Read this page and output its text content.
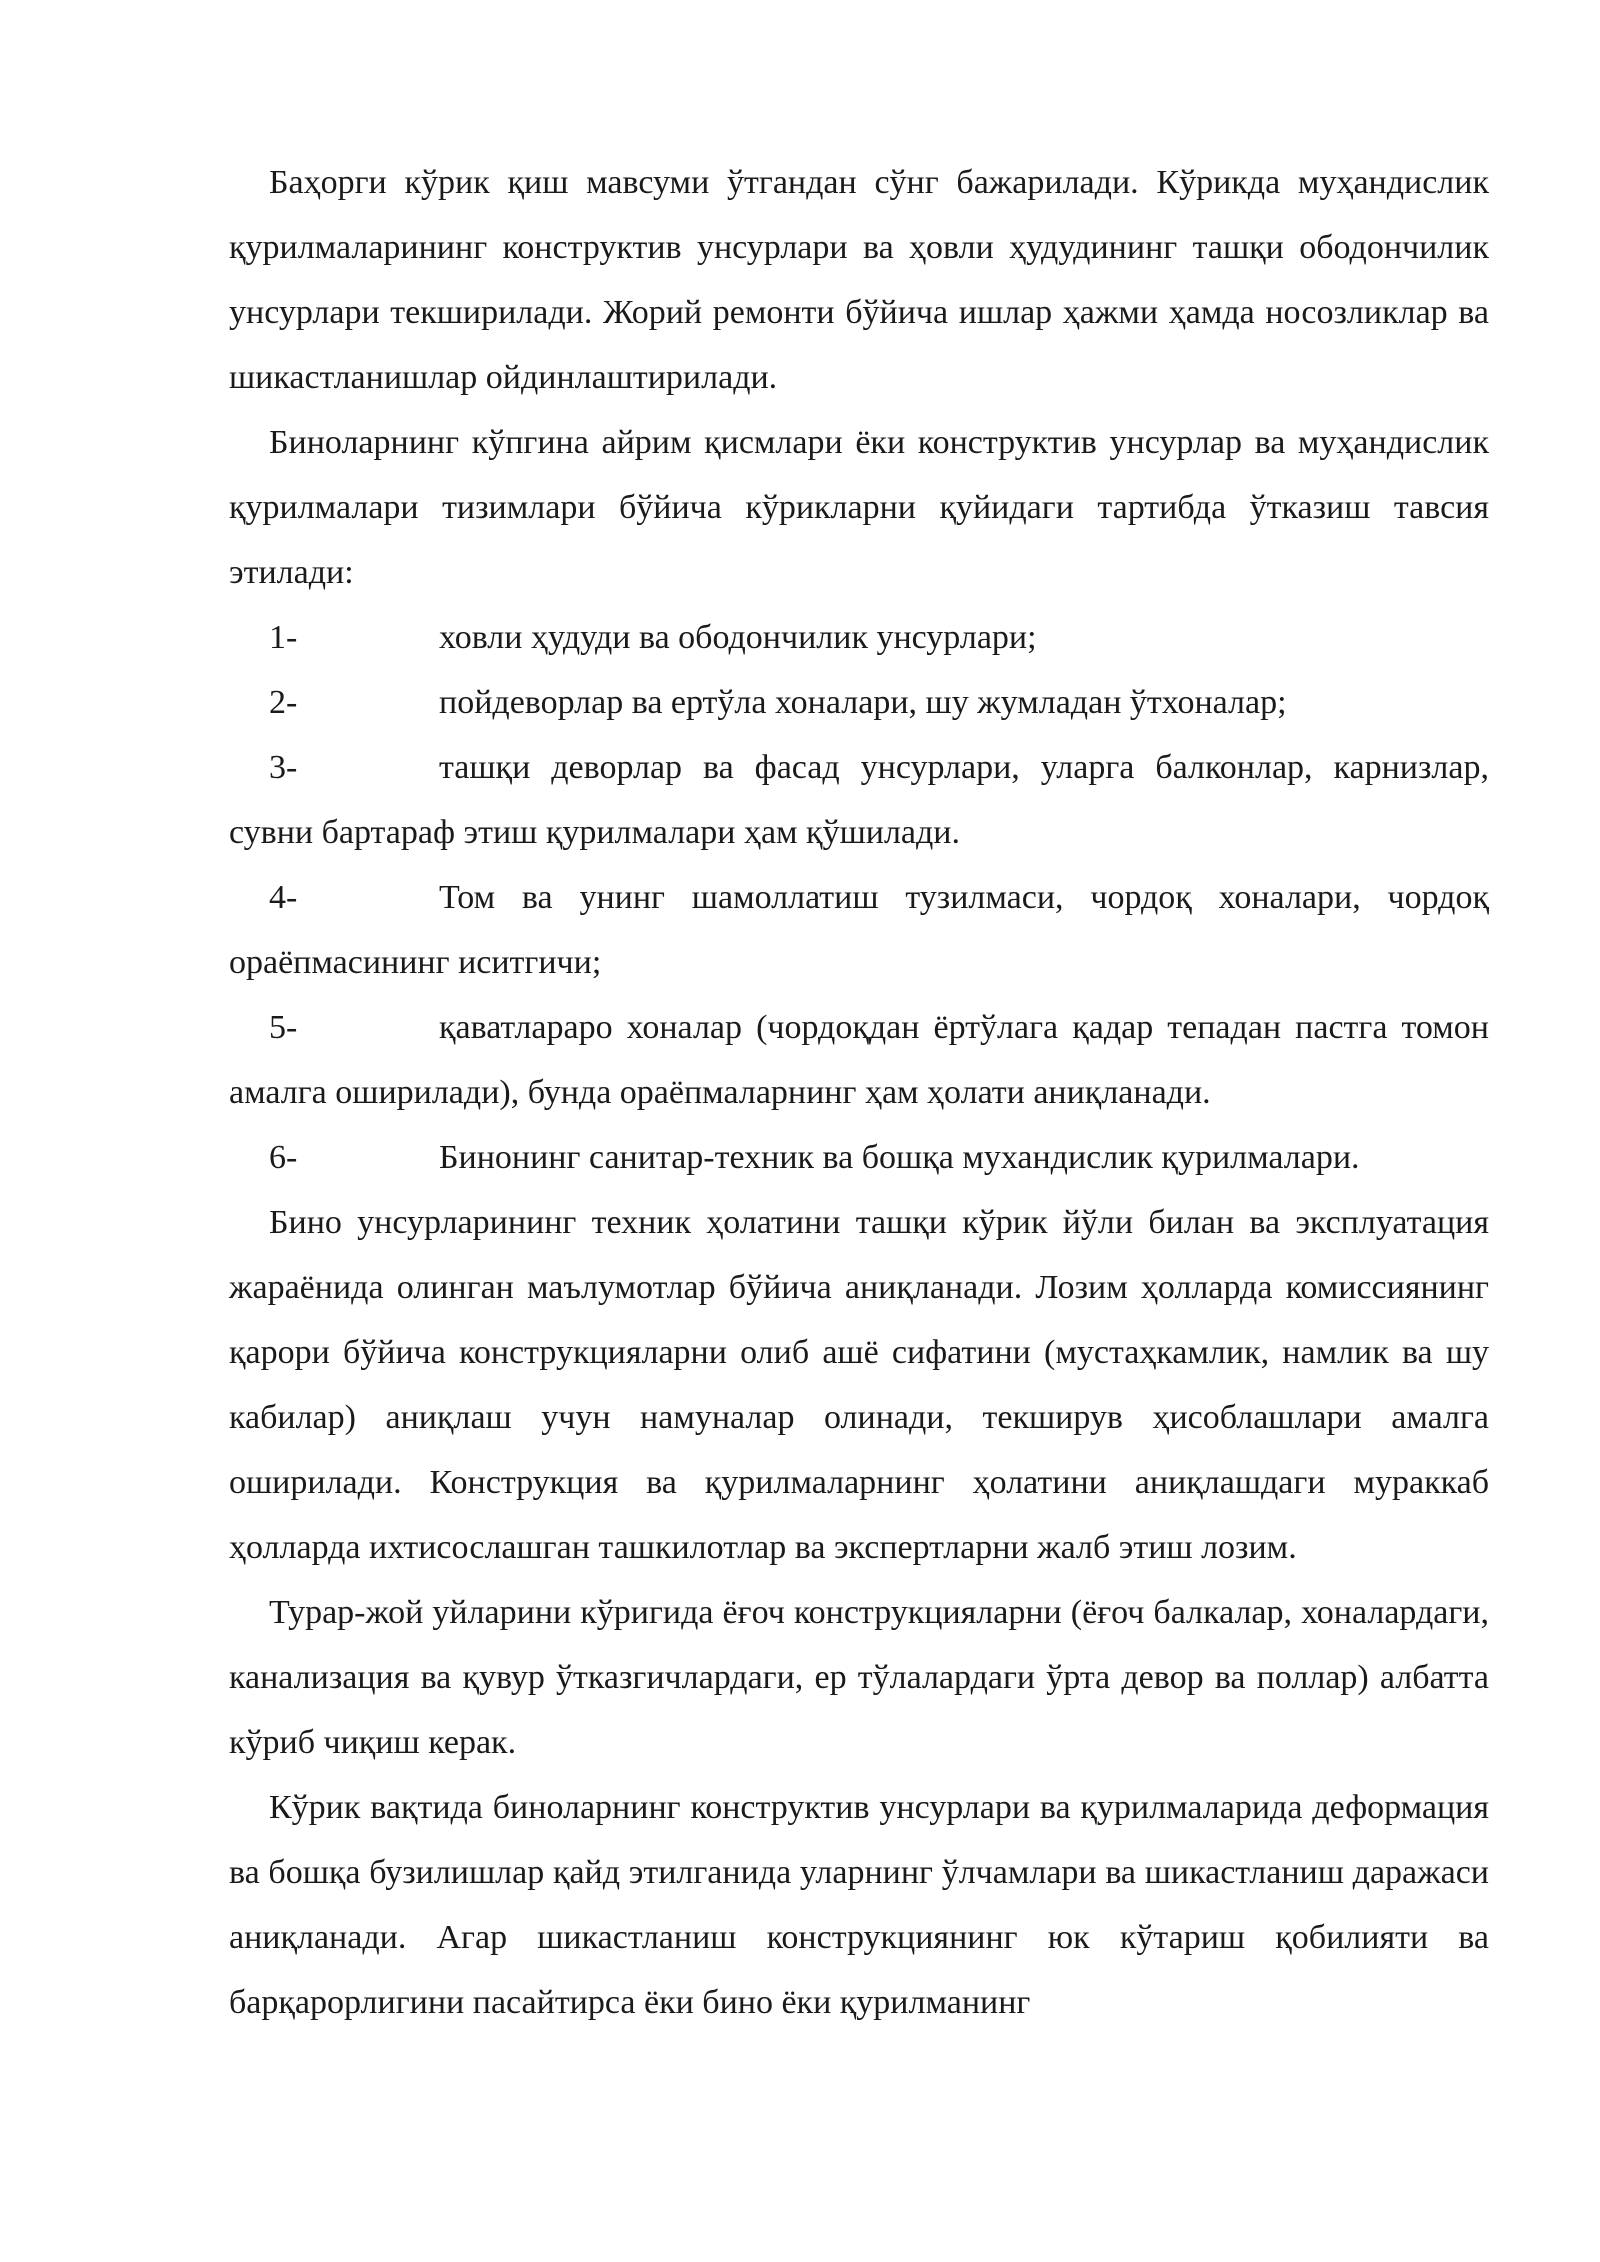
Баҳорги кўрик қиш мавсуми ўтгандан сўнг бажарилади. Кўрикда муҳандислик қурилмаларининг конструктив унсурлари ва ҳовли ҳудудининг ташқи ободончилик унсурлари текширилади. Жорий ремонти бўйича ишлар ҳажми ҳамда носозликлар ва шикастланишлар ойдинлаштирилади.

Биноларнинг кўпгина айрим қисмлари ёки конструктив унсурлар ва муҳандислик қурилмалари тизимлари бўйича кўрикларни қуйидаги тартибда ўтказиш тавсия этилади:

1-	ховли ҳудуди ва ободончилик унсурлари;
2-	пойдеворлар ва ертўла хоналари, шу жумладан ўтхоналар;
3-	ташқи деворлар ва фасад унсурлари, уларга балконлар, карнизлар, сувни бартараф этиш қурилмалари ҳам қўшилади.
4-	Том ва унинг шамоллатиш тузилмаси, чордоқ хоналари, чордоқ ораёпмасининг иситгичи;
5-	қаватлараро хоналар (чордоқдан ёртўлага қадар тепадан пастга томон амалга оширилади), бунда ораёпмаларнинг ҳам ҳолати аниқланади.
6-	Бинонинг санитар-техник ва бошқа мухандислик қурилмалари.

Бино унсурларининг техник ҳолатини ташқи кўрик йўли билан ва эксплуатация жараёнида олинган маълумотлар бўйича аниқланади. Лозим ҳолларда комиссиянинг қарори бўйича конструкцияларни олиб ашё сифатини (мустаҳкамлик, намлик ва шу кабилар) аниқлаш учун намуналар олинади, текширув ҳисоблашлари амалга оширилади. Конструкция ва қурилмаларнинг ҳолатини аниқлашдаги мураккаб ҳолларда ихтисослашган ташкилотлар ва экспертларни жалб этиш лозим.

Турар-жой уйларини кўригида ёғоч конструкцияларни (ёғоч балкалар, хоналардаги, канализация ва қувур ўтказгичлардаги, ер тўлалардаги ўрта девор ва поллар) албатта кўриб чиқиш керак.

Кўрик вақтида биноларнинг конструктив унсурлари ва қурилмаларида деформация ва бошқа бузилишлар қайд этилганида уларнинг ўлчамлари ва шикастланиш даражаси аниқланади. Агар шикастланиш конструкциянинг юк кўтариш қобилияти ва барқарорлигини пасайтирса ёки бино ёки қурилманинг
